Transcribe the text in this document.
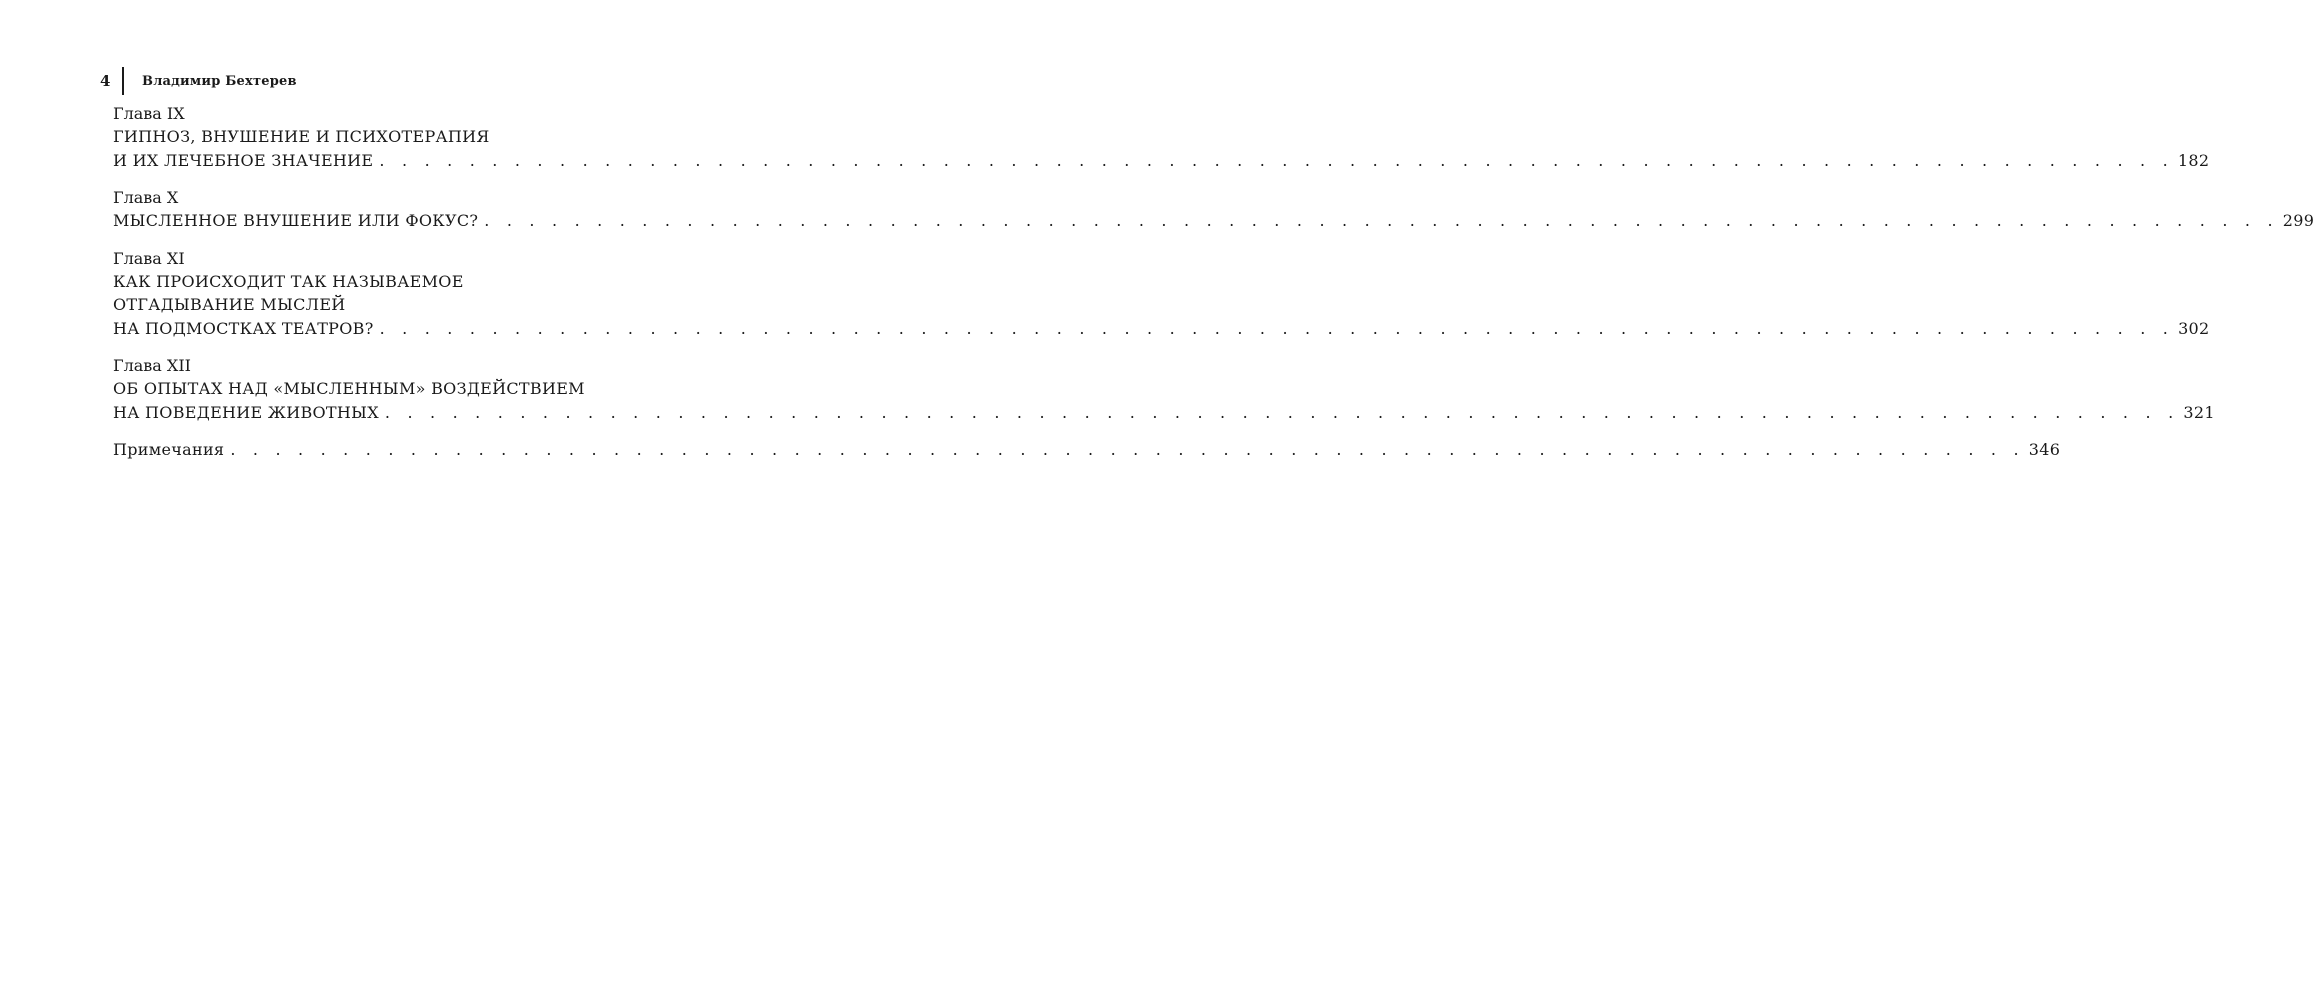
4	Владимир Бехтерев
Глава IX
ГИПНОЗ, ВНУШЕНИЕ И ПСИХОТЕРАПИЯ
И ИХ ЛЕЧЕБНОЕ ЗНАЧЕНИЕ . . . . . . . . . . . . . . . . . . . . . . . . . . . . . . . . . . . . . . . . . . . . . . . . . . . . . . . . . . . . . . . . . . . . . . . . . . . . . . . . 182
Глава X
МЫСЛЕННОЕ ВНУШЕНИЕ ИЛИ ФОКУС? . . . . . . . . . . . . . . . . . . . . . . . . . . . . . . . . . . . . . . . . . . . . . . . . . . . . . . . . . . . . . . . . . . . . . . . . . . . . . . . . 299
Глава XI
КАК ПРОИСХОДИТ ТАК НАЗЫВАЕМОЕ
ОТГАДЫВАНИЕ МЫСЛЕЙ
НА ПОДМОСТКАХ ТЕАТРОВ? . . . . . . . . . . . . . . . . . . . . . . . . . . . . . . . . . . . . . . . . . . . . . . . . . . . . . . . . . . . . . . . . . . . . . . . . . . . . . . . . 302
Глава XII
ОБ ОПЫТАХ НАД «МЫСЛЕННЫМ» ВОЗДЕЙСТВИЕМ
НА ПОВЕДЕНИЕ ЖИВОТНЫХ . . . . . . . . . . . . . . . . . . . . . . . . . . . . . . . . . . . . . . . . . . . . . . . . . . . . . . . . . . . . . . . . . . . . . . . . . . . . . . . . 321
Примечания . . . . . . . . . . . . . . . . . . . . . . . . . . . . . . . . . . . . . . . . . . . . . . . . . . . . . . . . . . . . . . . . . . . . . . . . . . . . . . . . 346
